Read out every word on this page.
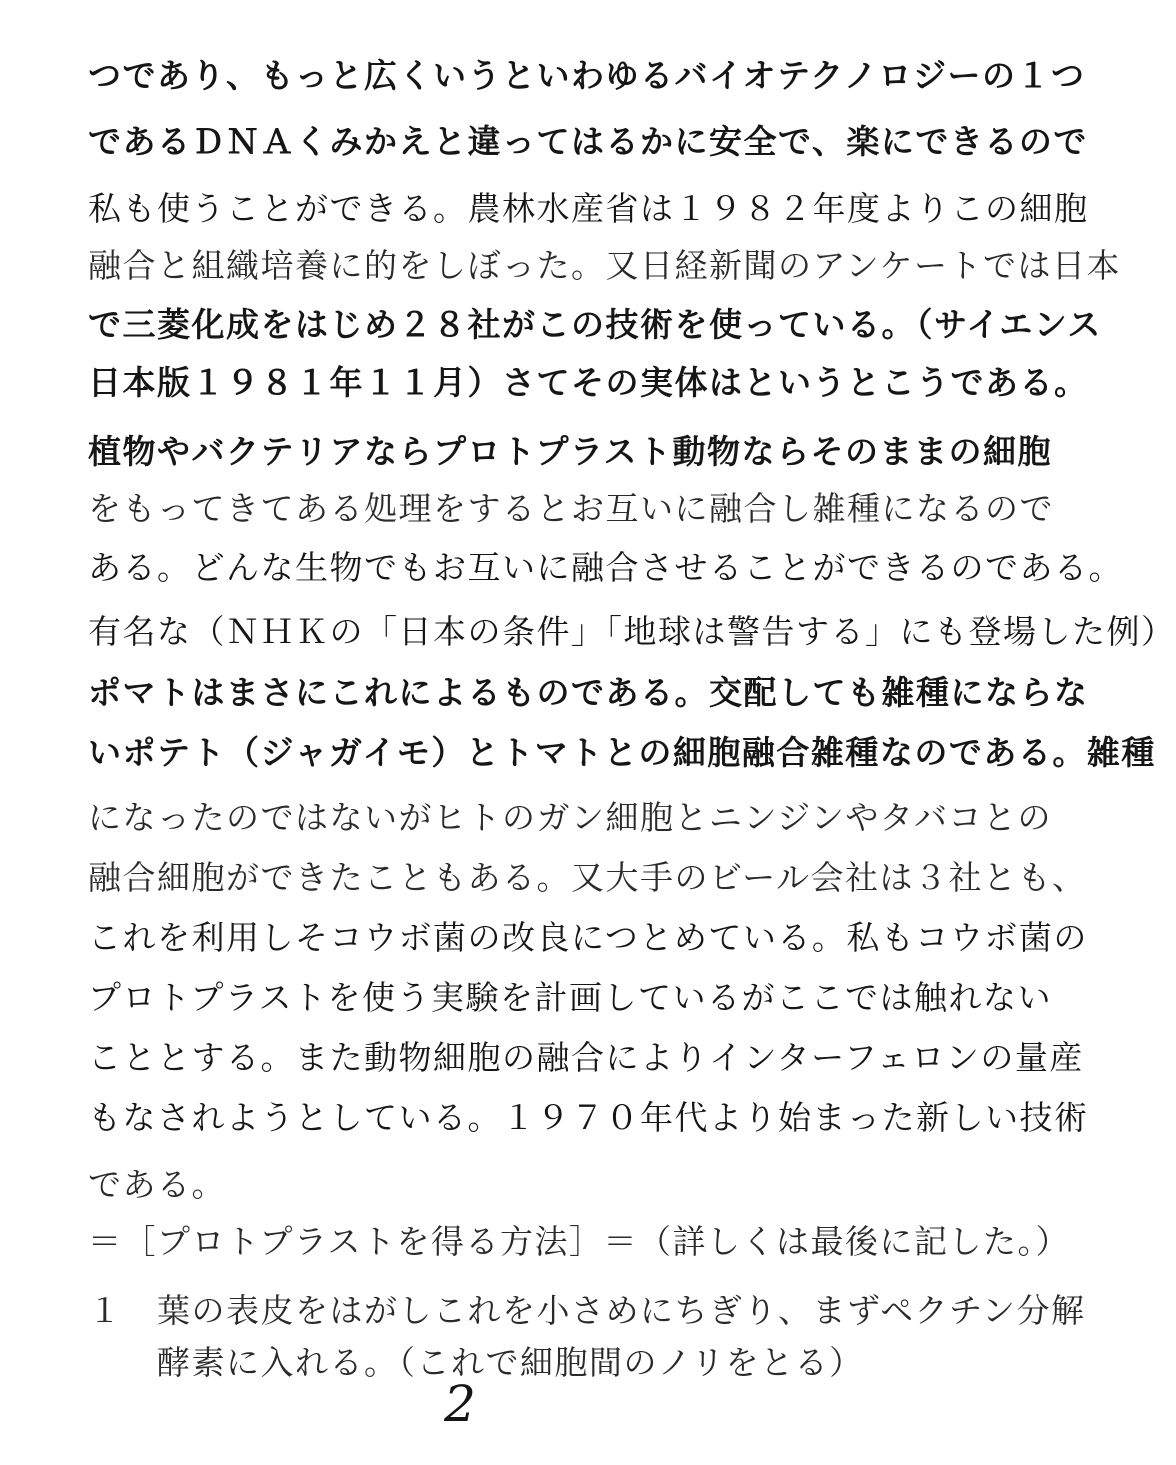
つであり、もっと広くいうといわゆるバイオテクノロジーの１つ
であるＤＮＡくみかえと違ってはるかに安全で、楽にできるので
私も使うことができる。農林水産省は１９８２年度よりこの細胞
融合と組織培養に的をしぼった。又日経新聞のアンケートでは日本
で三菱化成をはじめ２８社がこの技術を使っている。（サイエンス
日本版１９８１年１１月）さてその実体はというとこうである。
植物やバクテリアならプロトプラスト動物ならそのままの細胞
をもってきてある処理をするとお互いに融合し雑種になるので
ある。どんな生物でもお互いに融合させることができるのである。
有名な（ＮＨＫの「日本の条件」「地球は警告する」にも登場した例）
ポマトはまさにこれによるものである。交配しても雑種にならな
いポテト（ジャガイモ）とトマトとの細胞融合雑種なのである。雑種
になったのではないがヒトのガン細胞とニンジンやタバコとの
融合細胞ができたこともある。又大手のビール会社は３社とも、
これを利用しそコウボ菌の改良につとめている。私もコウボ菌の
プロトプラストを使う実験を計画しているがここでは触れない
こととする。また動物細胞の融合によりインターフェロンの量産
もなされようとしている。１９７０年代より始まった新しい技術
である。
＝［プロトプラストを得る方法］＝（詳しくは最後に記した。）
１　葉の表皮をはがしこれを小さめにちぎり、まずペクチン分解
　　酵素に入れる。（これで細胞間のノリをとる）
2
